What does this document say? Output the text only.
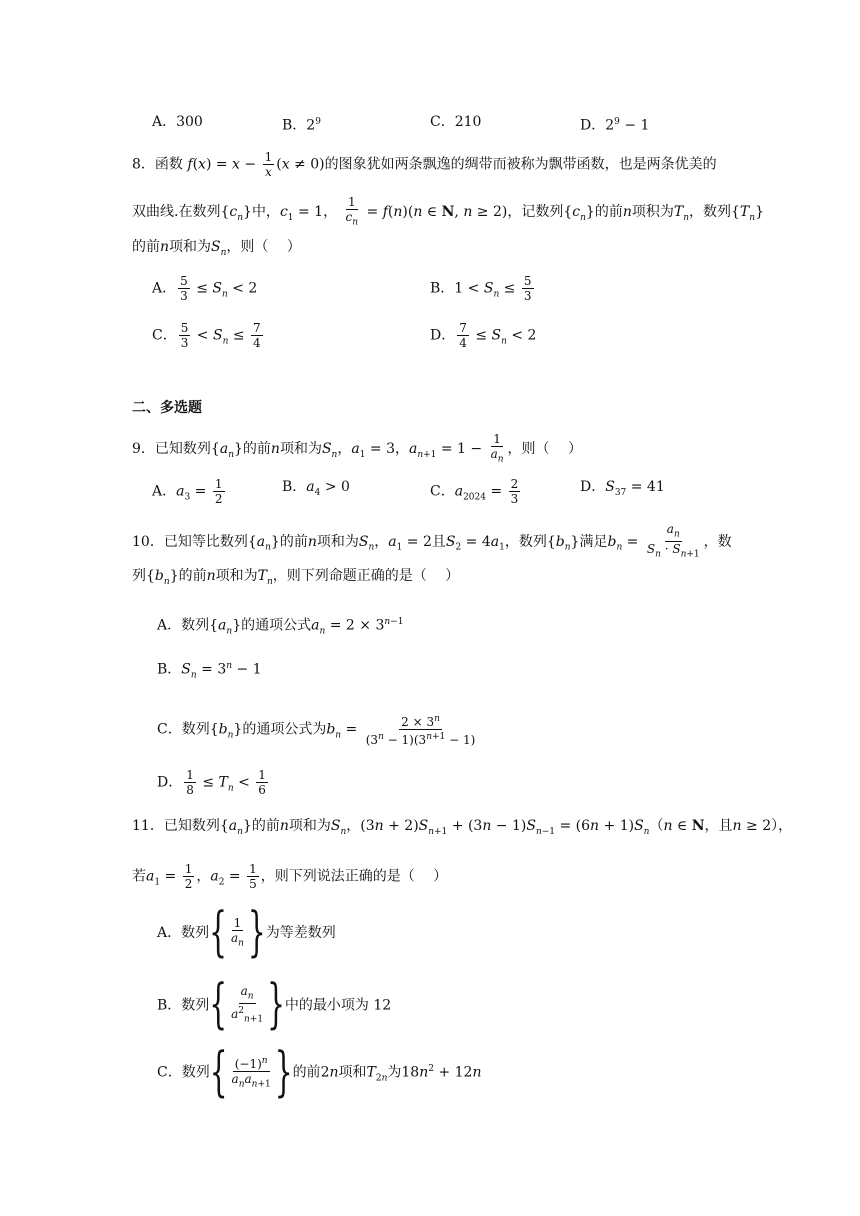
A．300	B．$2^9$	C．210	D．$2^9 - 1$
8．函数 $f(x) = x - \frac{1}{x} (x \ne 0)$的图象犹如两条飘逸的绸带而被称为飘带函数，也是两条优美的
双曲线.在数列$\{c_n\}$中，$c_1 = 1$， $\frac{1}{c_n} = f(n)(n$ ∈ N, n ≥ 2)，记数列$\{c_n\}$的前n项积为$T_n$，数列$\{T_n\}$
的前n项和为$S_n$，则（　 ）
A． $\frac{5}{3} \le S_n < 2$	B．$1 < S_n \le \frac{5}{3}$
C． $\frac{5}{3} < S_n \le \frac{7}{4}$	D． $\frac{7}{4} \le S_n < 2$
二、多选题
9．已知数列$\{a_n\}$的前n项和为$S_n$，$a_1 = 3$，$a_{n+1} = 1 - \frac{1}{a_n}$ ，则（　 ）
A．$a_3 = \frac{1}{2}$	B．$a_4 > 0$	C．$a_{2024} = \frac{2}{3}$	D．$S_{37} = 41$
10．已知等比数列$\{a_n\}$的前n项和为$S_n$，$a_1 = 2$且$S_2 = 4a_1$，数列$\{b_n\}$满足$b_n = \frac{a_n}{S_n \cdot S_{n+1}}$ ，数
列$\{b_n\}$的前n项和为$T_n$，则下列命题正确的是（　 ）
A．数列$\{a_n\}$的通项公式$a_n = 2 \times 3^{n-1}$
B．$S_n = 3^n - 1$
C．数列$\{b_n\}$的通项公式为$b_n = \frac{2 \times 3^n}{(3^n - 1)(3^{n+1} - 1)}$
D． $\frac{1}{8} \le T_n < \frac{1}{6}$
11．已知数列$\{a_n\}$的前n项和为$S_n$，$(3n + 2)S_{n+1} + (3n - 1)S_{n-1} = (6n + 1)S_n(n$ ∈ N，且n ≥ 2），
若$a_1 = \frac{1}{2}$ ，$a_2 = \frac{1}{5}$ ，则下列说法正确的是（　 ）
A．数列{ $\frac{1}{a_n}$ }为等差数列
B．数列{ $\frac{a_n}{a^2_{n+1}}$ }中的最小项为 12
C．数列{ $\frac{(-1)^n}{a_na_{n+1}}$ }的前2n项和$T_{2n}$为$18n^2 + 12n$
